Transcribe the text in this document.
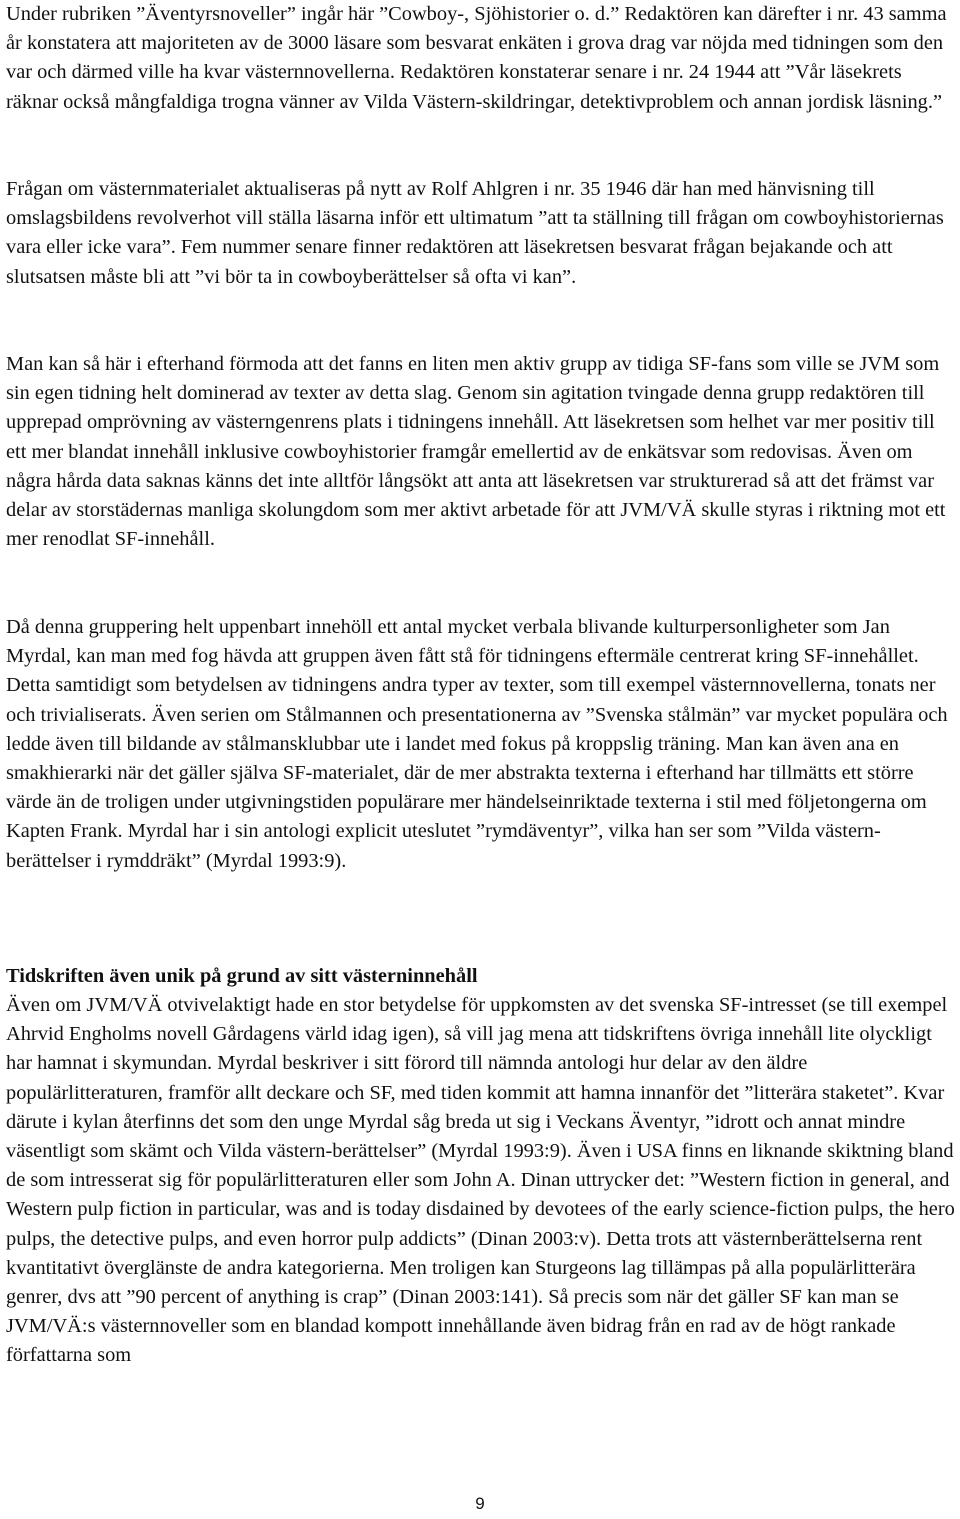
Under rubriken ”Äventyrsnoveller” ingår här ”Cowboy-, Sjöhistorier o. d.” Redaktören kan därefter i nr. 43 samma år konstatera att majoriteten av de 3000 läsare som besvarat enkäten i grova drag var nöjda med tidningen som den var och därmed ville ha kvar västernnovellerna. Redaktören konstaterar senare i nr. 24 1944 att ”Vår läsekrets räknar också mångfaldiga trogna vänner av Vilda Västern-skildringar, detektivproblem och annan jordisk läsning.”

Frågan om västernmaterialet aktualiseras på nytt av Rolf Ahlgren i nr. 35 1946 där han med hänvisning till omslagsbildens revolverhot vill ställa läsarna inför ett ultimatum ”att ta ställning till frågan om cowboyhistoriernas vara eller icke vara”. Fem nummer senare finner redaktören att läsekretsen besvarat frågan bejakande och att slutsatsen måste bli att ”vi bör ta in cowboyberättelser så ofta vi kan”.

Man kan så här i efterhand förmoda att det fanns en liten men aktiv grupp av tidiga SF-fans som ville se JVM som sin egen tidning helt dominerad av texter av detta slag. Genom sin agitation tvingade denna grupp redaktören till upprepad omprövning av västerngenrens plats i tidningens innehåll. Att läsekretsen som helhet var mer positiv till ett mer blandat innehåll inklusive cowboyhistorier framgår emellertid av de enkätsvar som redovisas. Även om några hårda data saknas känns det inte alltför långsökt att anta att läsekretsen var strukturerad så att det främst var delar av storstädernas manliga skolungdom som mer aktivt arbetade för att JVM/VÄ skulle styras i riktning mot ett mer renodlat SF-innehåll.

Då denna gruppering helt uppenbart innehöll ett antal mycket verbala blivande kulturpersonligheter som Jan Myrdal, kan man med fog hävda att gruppen även fått stå för tidningens eftermäle centrerat kring SF-innehållet. Detta samtidigt som betydelsen av tidningens andra typer av texter, som till exempel västernnovellerna, tonats ner och trivialiserats. Även serien om Stålmannen och presentationerna av ”Svenska stålmän” var mycket populära och ledde även till bildande av stålmansklubbar ute i landet med fokus på kroppslig träning. Man kan även ana en smakhierarki när det gäller själva SF-materialet, där de mer abstrakta texterna i efterhand har tillmätts ett större värde än de troligen under utgivningstiden populärare mer händelseinriktade texterna i stil med följetongerna om Kapten Frank. Myrdal har i sin antologi explicit uteslutet ”rymdäventyr”, vilka han ser som ”Vilda västern-berättelser i rymddräkt” (Myrdal 1993:9).

Tidskriften även unik på grund av sitt västerninnehåll

Även om JVM/VÄ otvivelaktigt hade en stor betydelse för uppkomsten av det svenska SF-intresset (se till exempel Ahrvid Engholms novell Gårdagens värld idag igen), så vill jag mena att tidskriftens övriga innehåll lite olyckligt har hamnat i skymundan. Myrdal beskriver i sitt förord till nämnda antologi hur delar av den äldre populärlitteraturen, framför allt deckare och SF, med tiden kommit att hamna innanför det ”litterära staketet”. Kvar därute i kylan återfinns det som den unge Myrdal såg breda ut sig i Veckans Äventyr, ”idrott och annat mindre väsentligt som skämt och Vilda västern-berättelser” (Myrdal 1993:9). Även i USA finns en liknande skiktning bland de som intresserat sig för populärlitteraturen eller som John A. Dinan uttrycker det: ”Western fiction in general, and Western pulp fiction in particular, was and is today disdained by devotees of the early science-fiction pulps, the hero pulps, the detective pulps, and even horror pulp addicts” (Dinan 2003:v). Detta trots att västernberättelserna rent kvantitativt överglänste de andra kategorierna. Men troligen kan Sturgeons lag tillämpas på alla populärlitterära genrer, dvs att ”90 percent of anything is crap” (Dinan 2003:141). Så precis som när det gäller SF kan man se JVM/VÄ:s västernnoveller som en blandad kompott innehållande även bidrag från en rad av de högt rankade författarna som

9
